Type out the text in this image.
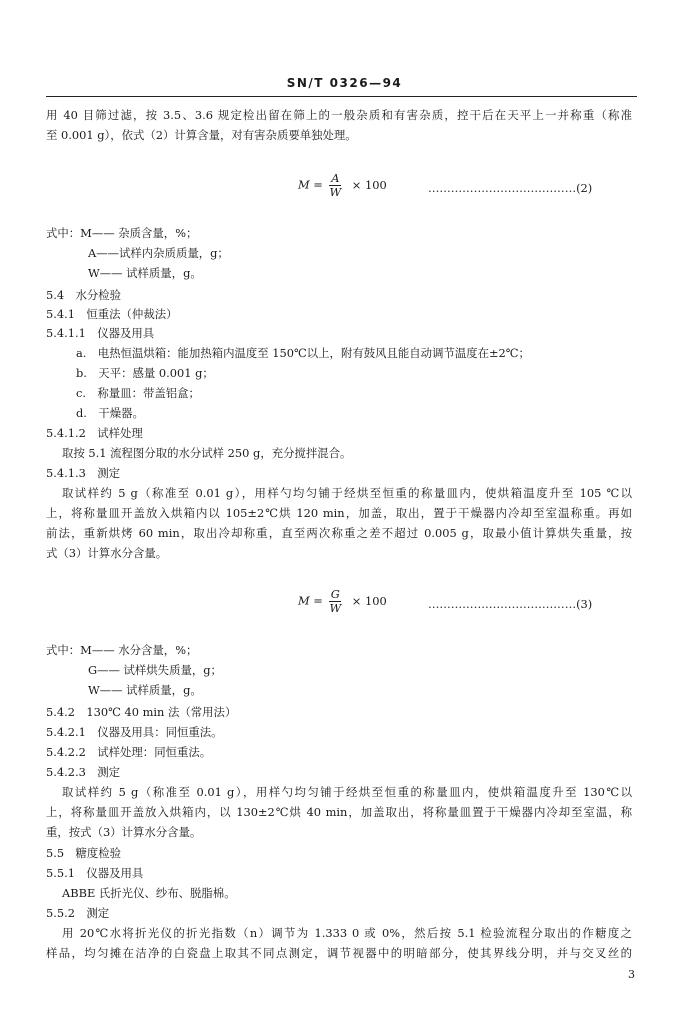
SN/T 0326—94
用 40 目筛过滤，按 3.5、3.6 规定检出留在筛上的一般杂质和有害杂质，控干后在天平上一并称重（称准
至 0.001 g），依式（2）计算含量，对有害杂质要单独处理。
$M = \frac{A}{W} \times 100$	…………………………………(2)
式中：M—— 杂质含量，%；
A——试样内杂质质量，g；
W—— 试样质量，g。
5.4　水分检验
5.4.1　恒重法（仲裁法）
5.4.1.1　仪器及用具
a.　电热恒温烘箱：能加热箱内温度至 150℃以上，附有鼓风且能自动调节温度在±2℃；
b.　天平：感量 0.001 g；
c.　称量皿：带盖铝盒；
d.　干燥器。
5.4.1.2　试样处理
取按 5.1 流程图分取的水分试样 250 g，充分搅拌混合。
5.4.1.3　测定
取试样约 5 g（称准至 0.01 g），用样勺均匀铺于经烘至恒重的称量皿内，使烘箱温度升至 105 ℃以
上，将称量皿开盖放入烘箱内以 105±2℃烘 120 min，加盖，取出，置于干燥器内冷却至室温称重。再如
前法，重新烘烤 60 min，取出冷却称重，直至两次称重之差不超过 0.005 g，取最小值计算烘失重量，按
式（3）计算水分含量。
$M = \frac{G}{W} \times 100$	…………………………………(3)
式中：M—— 水分含量，%；
G—— 试样烘失质量，g；
W—— 试样质量，g。
5.4.2　130℃ 40 min 法（常用法）
5.4.2.1　仪器及用具：同恒重法。
5.4.2.2　试样处理：同恒重法。
5.4.2.3　测定
取试样约 5 g（称准至 0.01 g），用样勺均匀铺于经烘至恒重的称量皿内，使烘箱温度升至 130℃以
上，将称量皿开盖放入烘箱内，以 130±2℃烘 40 min，加盖取出，将称量皿置于干燥器内冷却至室温，称
重，按式（3）计算水分含量。
5.5　糖度检验
5.5.1　仪器及用具
ABBE 氏折光仪、纱布、脱脂棉。
5.5.2　测定
用 20℃水将折光仪的折光指数（n）调节为 1.333 0 或 0%，然后按 5.1 检验流程分取出的作糖度之
样品，均匀摊在洁净的白瓷盘上取其不同点测定，调节视器中的明暗部分，使其界线分明，并与交叉丝的
3
